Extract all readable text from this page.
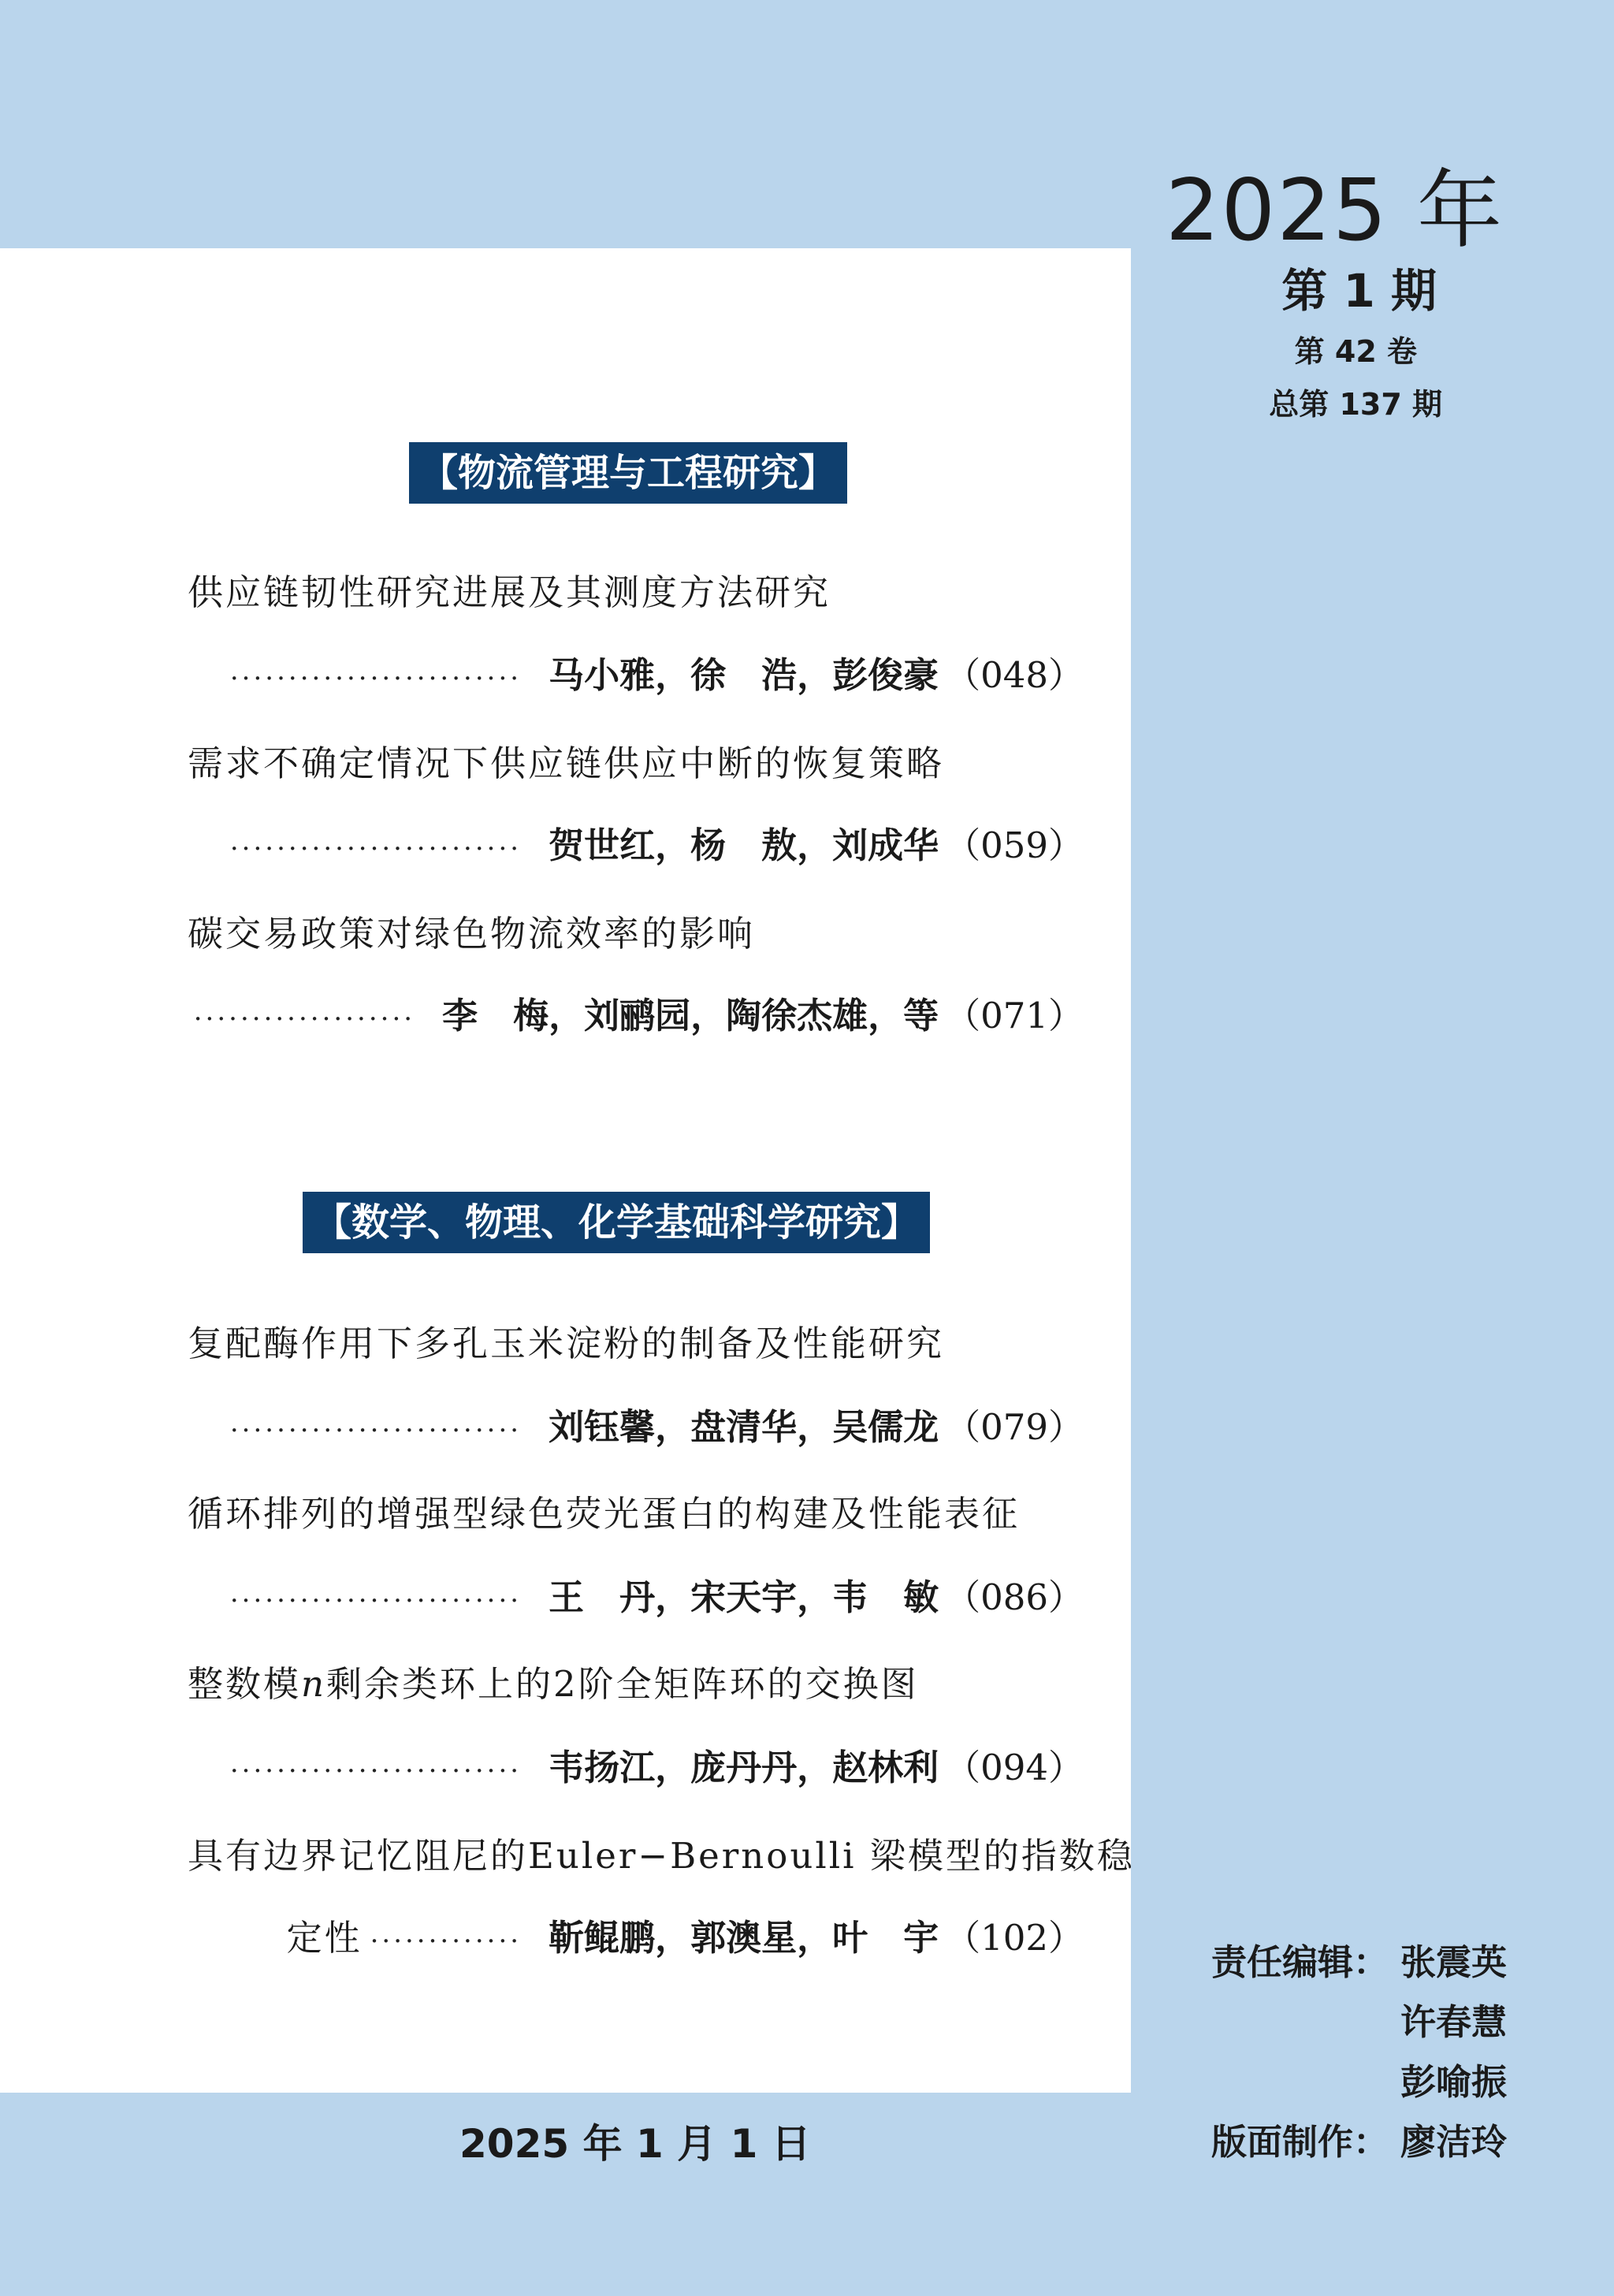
2025 年
第 1 期
第 42 卷
总第 137 期
【物流管理与工程研究】
供应链韧性研究进展及其测度方法研究
························· 马小雅，徐　浩，彭俊豪 （048）
需求不确定情况下供应链供应中断的恢复策略
························· 贺世红，杨　敖，刘成华 （059）
碳交易政策对绿色物流效率的影响
··················· 李　梅，刘鹂园，陶徐杰雄，等 （071）
【数学、物理、化学基础科学研究】
复配酶作用下多孔玉米淀粉的制备及性能研究
························· 刘钰馨，盘清华，吴儒龙 （079）
循环排列的增强型绿色荧光蛋白的构建及性能表征
························· 王　丹，宋天宇，韦　敏 （086）
整数模n剩余类环上的2阶全矩阵环的交换图
························· 韦扬江，庞丹丹，赵林利 （094）
具有边界记忆阻尼的Euler−Bernoulli 梁模型的指数稳
定性 ············· 靳鲲鹏，郭澳星，叶　宇 （102）
责任编辑： 张震英
许春慧
彭喻振
版面制作： 廖洁玲
2025 年 1 月 1 日
